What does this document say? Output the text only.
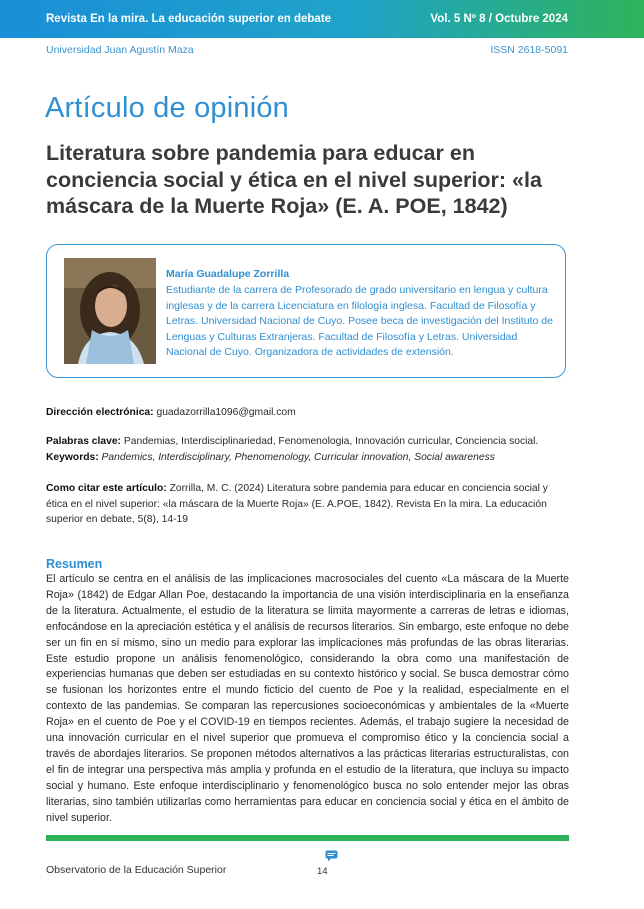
Revista En la mira. La educación superior en debate	Vol. 5 Nº 8 / Octubre 2024
Universidad Juan Agustín Maza	ISSN 2618-5091
Artículo de opinión
Literatura sobre pandemia para educar en conciencia social y ética en el nivel superior: «la máscara de la Muerte Roja» (E. A. POE, 1842)
María Guadalupe Zorrilla
Estudiante de la carrera de Profesorado de grado universitario en lengua y cultura inglesas y de la carrera Licenciatura en filología inglesa. Facultad de Filosofía y Letras. Universidad Nacional de Cuyo. Posee beca de investigación del Instituto de Lenguas y Culturas Extranjeras. Facultad de Filosofía y Letras. Universidad Nacional de Cuyo. Organizadora de actividades de extensión.
Dirección electrónica: guadazorrilla1096@gmail.com
Palabras clave: Pandemias, Interdisciplinariedad, Fenomenologia, Innovación curricular, Conciencia social.
Keywords: Pandemics, Interdisciplinary, Phenomenology, Curricular innovation, Social awareness
Como citar este artículo: Zorrilla, M. C. (2024) Literatura sobre pandemia para educar en conciencia social y ética en el nivel superior: «la máscara de la Muerte Roja» (E. A.POE, 1842). Revista En la mira. La educación superior en debate, 5(8), 14-19
Resumen
El artículo se centra en el análisis de las implicaciones macrosociales del cuento «La máscara de la Muerte Roja» (1842) de Edgar Allan Poe, destacando la importancia de una visión interdisciplinaria en la enseñanza de la literatura. Actualmente, el estudio de la literatura se limita mayormente a carreras de letras e idiomas, enfocándose en la apreciación estética y el análisis de recursos literarios. Sin embargo, este enfoque no debe ser un fin en sí mismo, sino un medio para explorar las implicaciones más profundas de las obras literarias. Este estudio propone un análisis fenomenológico, considerando la obra como una manifestación de experiencias humanas que deben ser estudiadas en su contexto histórico y social. Se busca demostrar cómo se fusionan los horizontes entre el mundo ficticio del cuento de Poe y la realidad, especialmente en el contexto de las pandemias. Se comparan las repercusiones socioeconómicas y ambientales de la «Muerte Roja» en el cuento de Poe y el COVID-19 en tiempos recientes. Además, el trabajo sugiere la necesidad de una innovación curricular en el nivel superior que promueva el compromiso ético y la conciencia social a través de abordajes literarios. Se proponen métodos alternativos a las prácticas literarias estructuralistas, con el fin de integrar una perspectiva más amplia y profunda en el estudio de la literatura, que incluya su impacto social y humano. Este enfoque interdisciplinario y fenomenológico busca no solo entender mejor las obras literarias, sino también utilizarlas como herramientas para educar en conciencia social y ética en el ámbito de nivel superior.
Observatorio de la Educación Superior	14
